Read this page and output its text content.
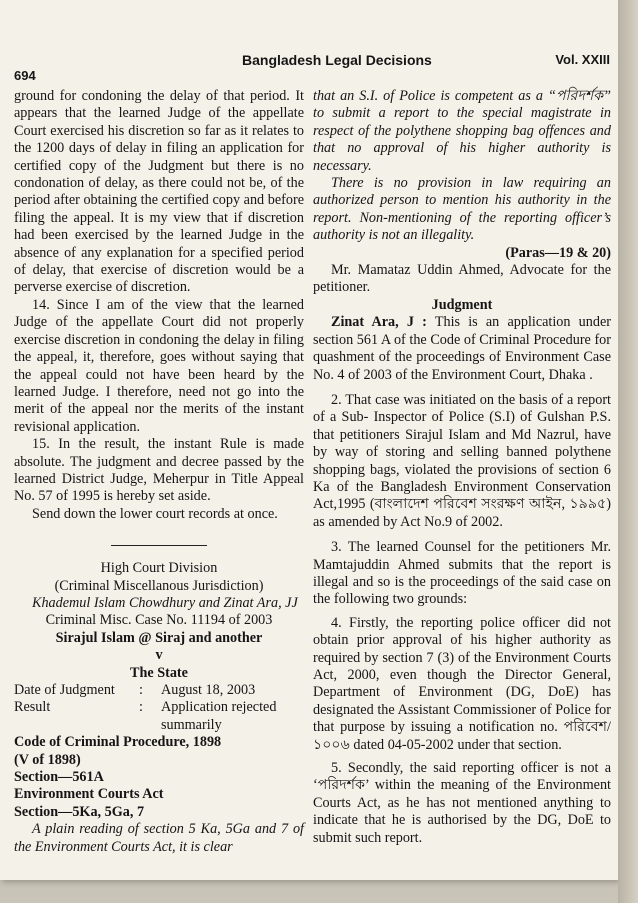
694
Bangladesh Legal Decisions	Vol. XXIII

ground for condoning the delay of that period. It appears that the learned Judge of the appellate Court exercised his discretion so far as it relates to the 1200 days of delay in filing an application for certified copy of the Judgment but there is no condonation of delay, as there could not be, of the period after obtaining the certified copy and before filing the appeal. It is my view that if discretion had been exercised by the learned Judge in the absence of any explanation for a specified period of delay, that exercise of discretion would be a perverse exercise of discretion.

14. Since I am of the view that the learned Judge of the appellate Court did not properly exercise discretion in condoning the delay in filing the appeal, it, therefore, goes without saying that the appeal could not have been heard by the learned Judge. I therefore, need not go into the merit of the appeal nor the merits of the instant revisional application.

15. In the result, the instant Rule is made absolute. The judgment and decree passed by the learned District Judge, Meherpur in Title Appeal No. 57 of 1995 is hereby set aside.

Send down the lower court records at once.

High Court Division

(Criminal Miscellanous Jurisdiction)

Khademul Islam Chowdhury and Zinat Ara, JJ

Criminal Misc. Case No. 11194 of 2003

Sirajul Islam @ Siraj and another

v

The State

Date of Judgment	:	August 18, 2003
Result	:	Application rejected summarily

Code of Criminal Procedure, 1898

(V of 1898)

Section—561A

Environment Courts Act

Section—5Ka, 5Ga, 7

A plain reading of section 5 Ka, 5Ga and 7 of the Environment Courts Act, it is clear

that an S.I. of Police is competent as a “পরিদর্শক” to submit a report to the special magistrate in respect of the polythene shopping bag offences and that no approval of his higher authority is necessary.

There is no provision in law requiring an authorized person to mention his authority in the report. Non-mentioning of the reporting officer’s authority is not an illegality.

(Paras—19 & 20)

Mr. Mamataz Uddin Ahmed, Advocate for the petitioner.

Judgment

Zinat Ara, J : This is an application under section 561 A of the Code of Criminal Procedure for quashment of the proceedings of Environment Case No. 4 of 2003 of the Environment Court, Dhaka .

2. That case was initiated on the basis of a report of a Sub- Inspector of Police (S.I) of Gulshan P.S. that petitioners Sirajul Islam and Md Nazrul, have by way of storing and selling banned polythene shopping bags, violated the provisions of section 6 Ka of the Bangladesh Environment Conservation Act,1995 (বাংলাদেশ পরিবেশ সংরক্ষণ আইন, ১৯৯৫) as amended by Act No.9 of 2002.

3. The learned Counsel for the petitioners Mr. Mamtajuddin Ahmed submits that the report is illegal and so is the proceedings of the said case on the following two grounds:

4. Firstly, the reporting police officer did not obtain prior approval of his higher authority as required by section 7 (3) of the Environment Courts Act, 2000, even though the Director General, Department of Environment (DG, DoE) has designated the Assistant Commissioner of Police for that purpose by issuing a notification no. পরিবেশ/১০০৬ dated 04-05-2002 under that section.

5. Secondly, the said reporting officer is not a ‘পরিদর্শক’ within the meaning of the Environment Courts Act, as he has not mentioned anything to indicate that he is authorised by the DG, DoE to submit such report.
